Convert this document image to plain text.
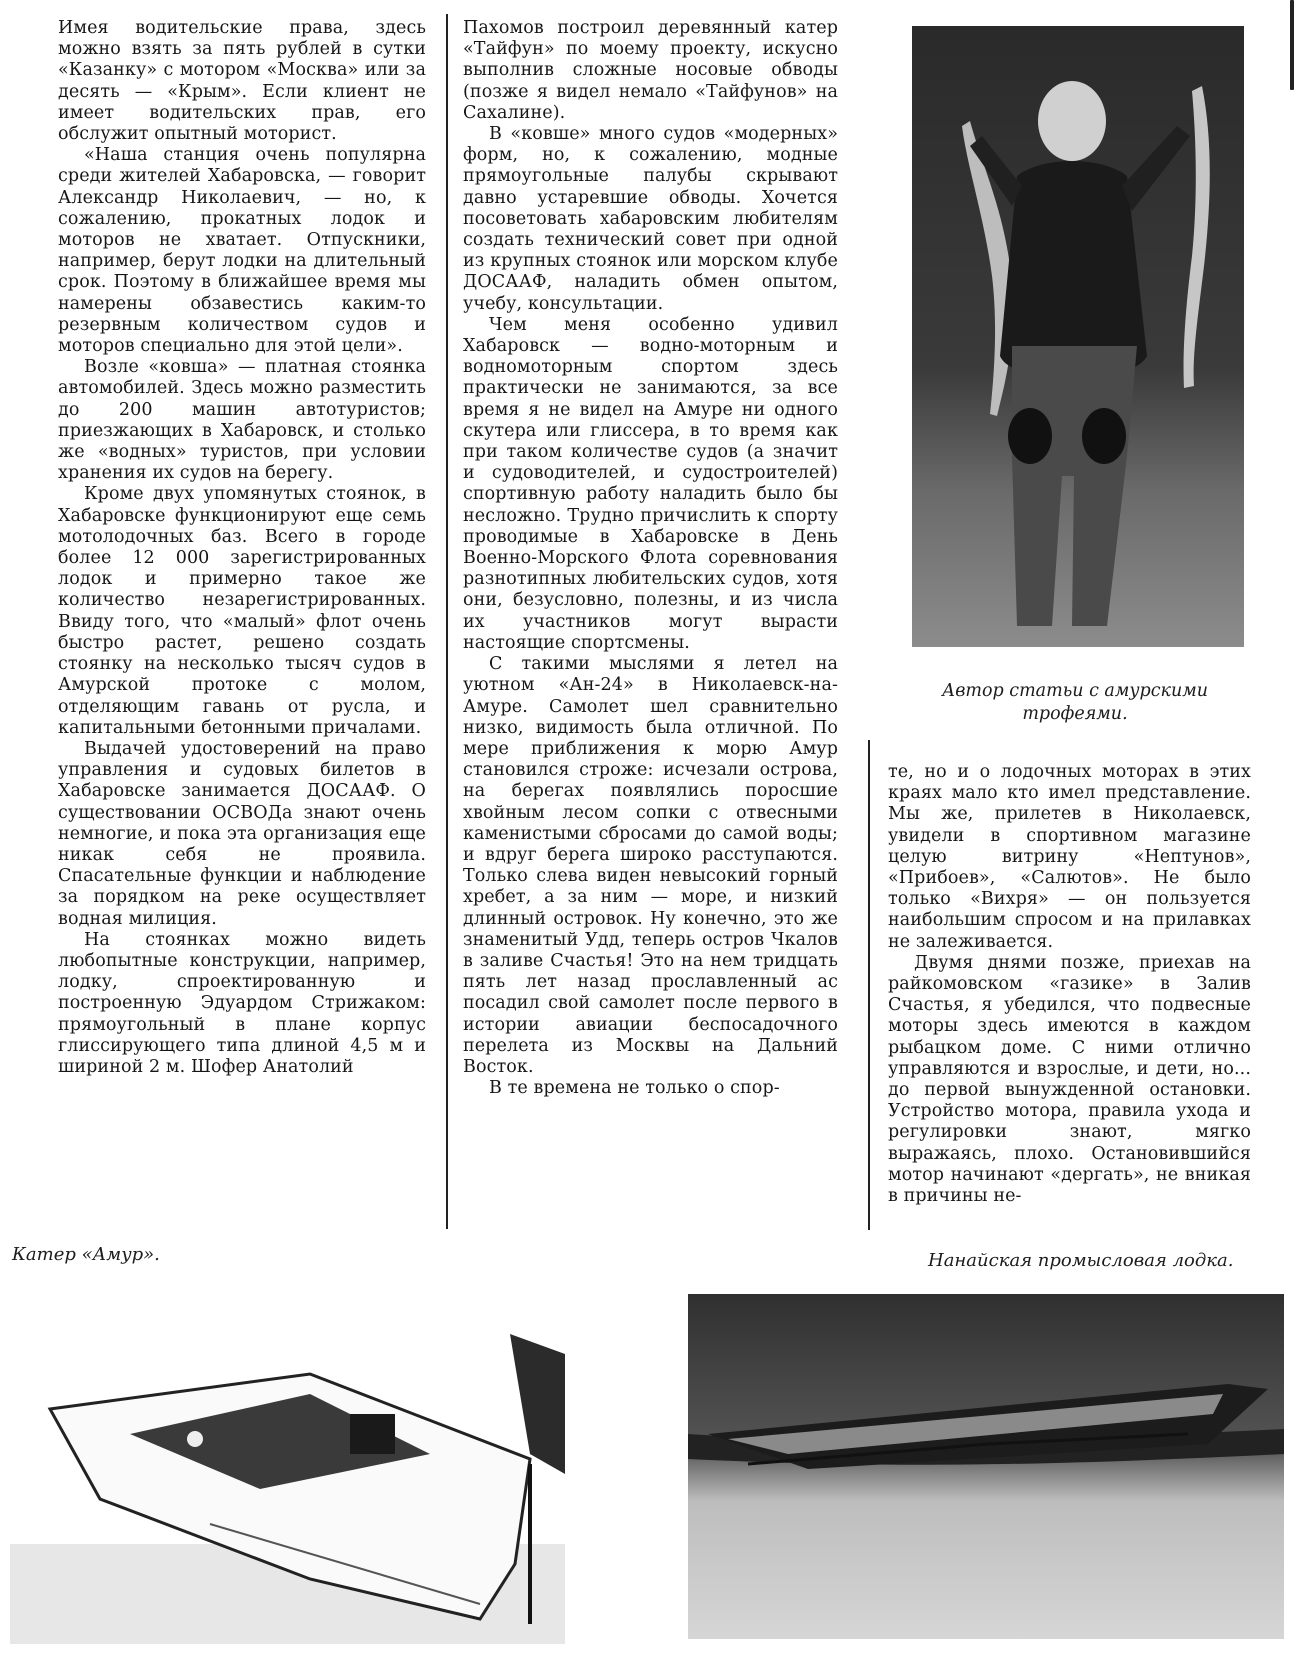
Имея водительские права, здесь можно взять за пять рублей в сутки «Казанку» с мотором «Москва» или за десять — «Крым». Если клиент не имеет водительских прав, его обслужит опытный моторист.

«Наша станция очень популярна среди жителей Хабаровска, — говорит Александр Николаевич, — но, к сожалению, прокатных лодок и моторов не хватает. Отпускники, например, берут лодки на длительный срок. Поэтому в ближайшее время мы намерены обзавестись каким-то резервным количеством судов и моторов специально для этой цели».

Возле «ковша» — платная стоянка автомобилей. Здесь можно разместить до 200 машин автотуристов; приезжающих в Хабаровск, и столько же «водных» туристов, при условии хранения их судов на берегу.

Кроме двух упомянутых стоянок, в Хабаровске функционируют еще семь мотолодочных баз. Всего в городе более 12 000 зарегистрированных лодок и примерно такое же количество незарегистрированных. Ввиду того, что «малый» флот очень быстро растет, решено создать стоянку на несколько тысяч судов в Амурской протоке с молом, отделяющим гавань от русла, и капитальными бетонными причалами.

Выдачей удостоверений на право управления и судовых билетов в Хабаровске занимается ДОСААФ. О существовании ОСВОДа знают очень немногие, и пока эта организация еще никак себя не проявила. Спасательные функции и наблюдение за порядком на реке осуществляет водная милиция.

На стоянках можно видеть любопытные конструкции, например, лодку, спроектированную и построенную Эдуардом Стрижаком: прямоугольный в плане корпус глиссирующего типа длиной 4,5 м и шириной 2 м. Шофер Анатолий

Пахомов построил деревянный катер «Тайфун» по моему проекту, искусно выполнив сложные носовые обводы (позже я видел немало «Тайфунов» на Сахалине).

В «ковше» много судов «модерных» форм, но, к сожалению, модные прямоугольные палубы скрывают давно устаревшие обводы. Хочется посоветовать хабаровским любителям создать технический совет при одной из крупных стоянок или морском клубе ДОСААФ, наладить обмен опытом, учебу, консультации.

Чем меня особенно удивил Хабаровск — водно-моторным и водномоторным спортом здесь практически не занимаются, за все время я не видел на Амуре ни одного скутера или глиссера, в то время как при таком количестве судов (а значит и судоводителей, и судостроителей) спортивную работу наладить было бы несложно. Трудно причислить к спорту проводимые в Хабаровске в День Военно-Морского Флота соревнования разнотипных любительских судов, хотя они, безусловно, полезны, и из числа их участников могут вырасти настоящие спортсмены.

С такими мыслями я летел на уютном «Ан-24» в Николаевск-на-Амуре. Самолет шел сравнительно низко, видимость была отличной. По мере приближения к морю Амур становился строже: исчезали острова, на берегах появлялись поросшие хвойным лесом сопки с отвесными каменистыми сбросами до самой воды; и вдруг берега широко расступаются. Только слева виден невысокий горный хребет, а за ним — море, и низкий длинный островок. Ну конечно, это же знаменитый Удд, теперь остров Чкалов в заливе Счастья! Это на нем тридцать пять лет назад прославленный ас посадил свой самолет после первого в истории авиации беспосадочного перелета из Москвы на Дальний Восток.

В те времена не только о спор-

Автор статьи с амурскими трофеями.

те, но и о лодочных моторах в этих краях мало кто имел представление. Мы же, прилетев в Николаевск, увидели в спортивном магазине целую витрину «Нептунов», «Прибоев», «Салютов». Не было только «Вихря» — он пользуется наибольшим спросом и на прилавках не залеживается.

Двумя днями позже, приехав на райкомовском «газике» в Залив Счастья, я убедился, что подвесные моторы здесь имеются в каждом рыбацком доме. С ними отлично управляются и взрослые, и дети, но... до первой вынужденной остановки. Устройство мотора, правила ухода и регулировки знают, мягко выражаясь, плохо. Остановившийся мотор начинают «дергать», не вникая в причины не-

Катер «Амур».	Нанайская промысловая лодка.
